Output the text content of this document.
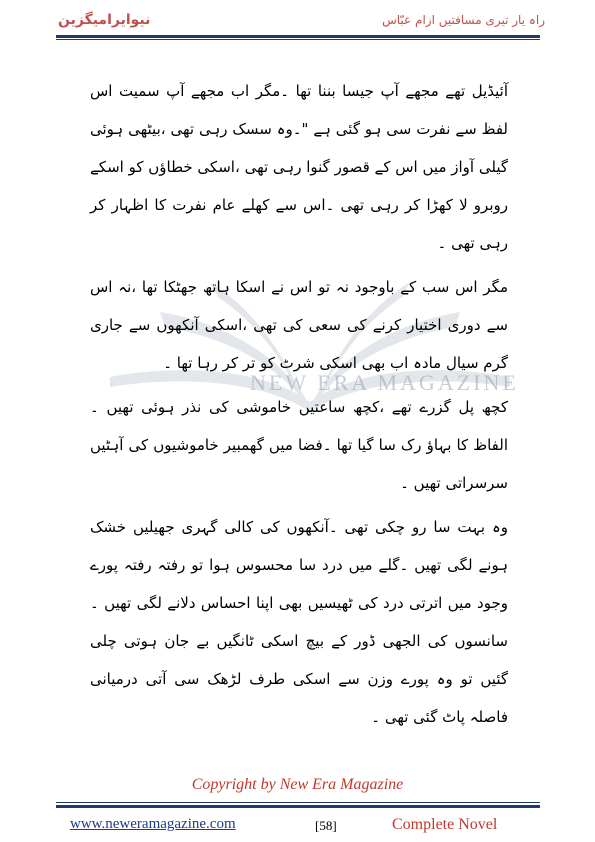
نیوایرامیگزین	راہ یار تیری مسافتیں ازام عبّاس
NEW ERA MAGAZINE

آئیڈیل تھے مجھے آپ جیسا بننا تھا ۔مگر اب مجھے آپ سمیت اس لفظ سے نفرت سی ہو گئی ہے "۔وہ سسک رہی تھی ،بیٹھی ہوئی گیلی آواز میں اس کے قصور گنوا رہی تھی ،اسکی خطاؤں کو اسکے روبرو لا کھڑا کر رہی تھی ۔اس سے کھلے عام نفرت کا اظہار کر رہی تھی ۔

مگر اس سب کے باوجود نہ تو اس نے اسکا ہاتھ جھٹکا تھا ،نہ اس سے دوری اختیار کرنے کی سعی کی تھی ،اسکی آنکھوں سے جاری گرم سیال مادہ اب بھی اسکی شرٹ کو تر کر رہا تھا ۔

کچھ پل گزرے تھے ،کچھ ساعتیں خاموشی کی نذر ہوئی تھیں ۔الفاظ کا بہاؤ رک سا گیا تھا ۔فضا میں گھمبیر خاموشیوں کی آہٹیں سرسراتی تھیں ۔

وہ بہت سا رو چکی تھی ۔آنکھوں کی کالی گہری جھیلیں خشک ہونے لگی تھیں ۔گلے میں درد سا محسوس ہوا تو رفتہ رفتہ پورے وجود میں اترتی درد کی ٹھیسیں بھی اپنا احساس دلانے لگی تھیں ۔سانسوں کی الجھی ڈور کے بیچ اسکی ٹانگیں بے جان ہوتی چلی گئیں تو وہ پورے وزن سے اسکی طرف لڑھک سی آتی درمیانی فاصلہ پاٹ گئی تھی ۔

Copyright by New Era Magazine
www.neweramagazine.com	[58]	Complete Novel
